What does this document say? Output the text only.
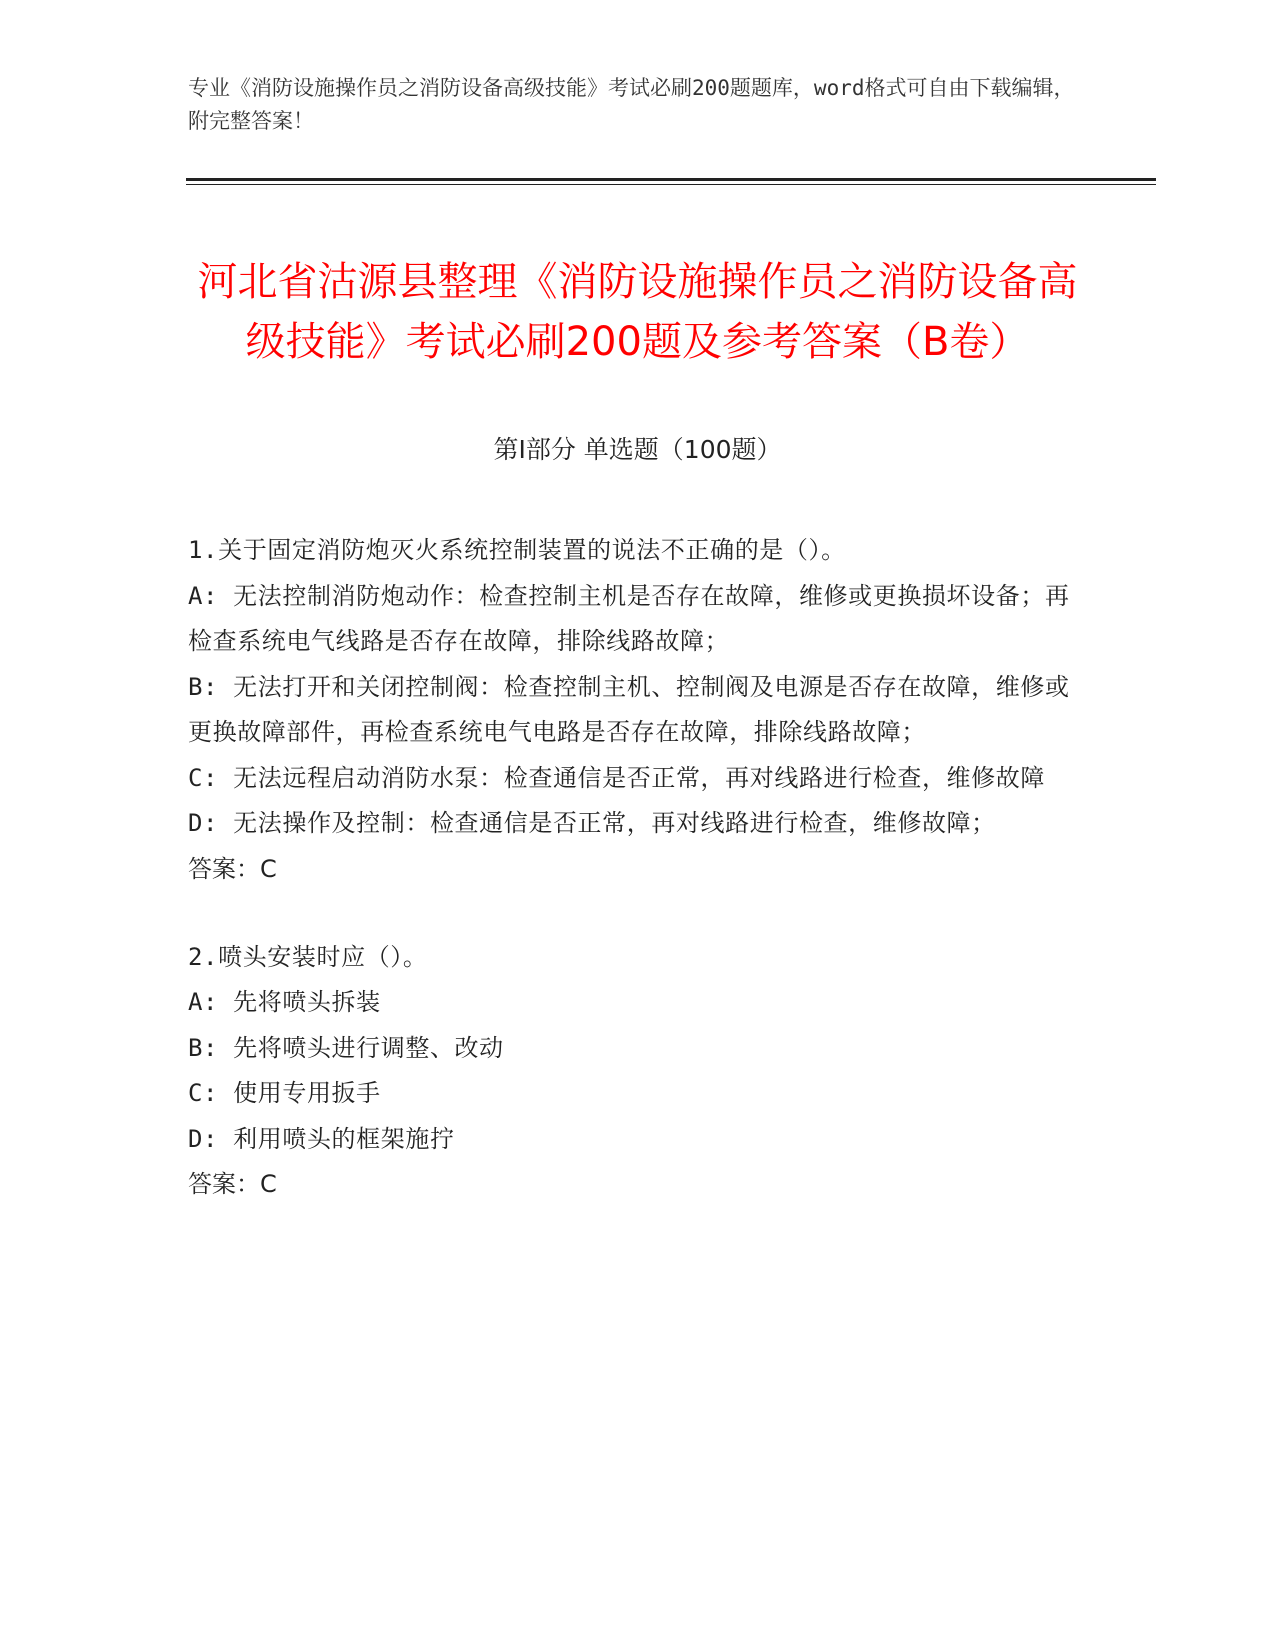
专业《消防设施操作员之消防设备高级技能》考试必刷200题题库，word格式可自由下载编辑，附完整答案！
河北省沽源县整理《消防设施操作员之消防设备高级技能》考试必刷200题及参考答案（B卷）
第Ⅰ部分 单选题（100题）
1.关于固定消防炮灭火系统控制装置的说法不正确的是（）。
A: 无法控制消防炮动作：检查控制主机是否存在故障，维修或更换损坏设备；再检查系统电气线路是否存在故障，排除线路故障；
B: 无法打开和关闭控制阀：检查控制主机、控制阀及电源是否存在故障，维修或更换故障部件，再检查系统电气电路是否存在故障，排除线路故障；
C: 无法远程启动消防水泵：检查通信是否正常，再对线路进行检查，维修故障
D: 无法操作及控制：检查通信是否正常，再对线路进行检查，维修故障；
答案：C
2.喷头安装时应（）。
A: 先将喷头拆装
B: 先将喷头进行调整、改动
C: 使用专用扳手
D: 利用喷头的框架施拧
答案：C
